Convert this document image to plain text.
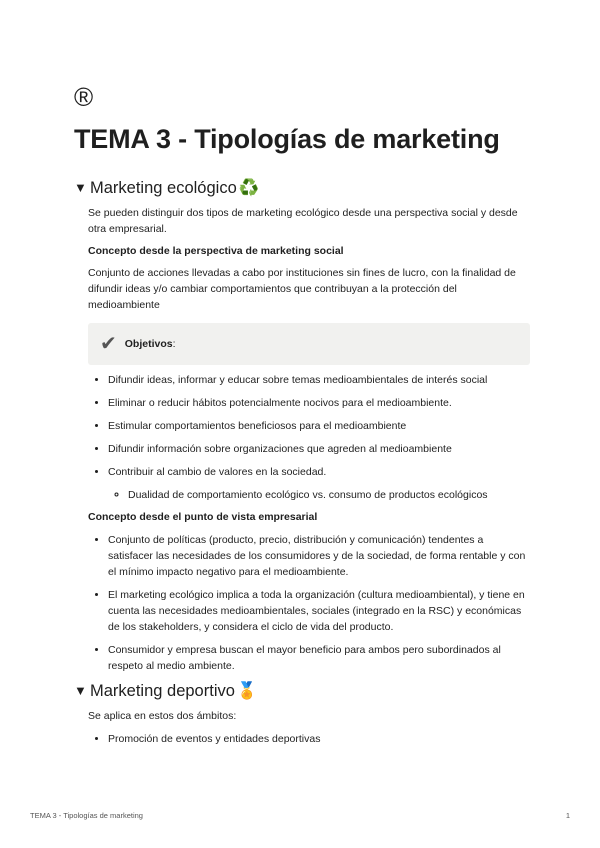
®
TEMA 3 - Tipologías de marketing
▼ Marketing ecológico ♻️

Se pueden distinguir dos tipos de marketing ecológico desde una perspectiva social y desde otra empresarial.

Concepto desde la perspectiva de marketing social

Conjunto de acciones llevadas a cabo por instituciones sin fines de lucro, con la finalidad de difundir ideas y/o cambiar comportamientos que contribuyan a la protección del medioambiente

✔ Objetivos:
• Difundir ideas, informar y educar sobre temas medioambientales de interés social
• Eliminar o reducir hábitos potencialmente nocivos para el medioambiente.
• Estimular comportamientos beneficiosos para el medioambiente
• Difundir información sobre organizaciones que agreden al medioambiente
• Contribuir al cambio de valores en la sociedad.
◦ Dualidad de comportamiento ecológico vs. consumo de productos ecológicos

Concepto desde el punto de vista empresarial

• Conjunto de políticas (producto, precio, distribución y comunicación) tendentes a satisfacer las necesidades de los consumidores y de la sociedad, de forma rentable y con el mínimo impacto negativo para el medioambiente.
• El marketing ecológico implica a toda la organización (cultura medioambiental), y tiene en cuenta las necesidades medioambientales, sociales (integrado en la RSC) y económicas de los stakeholders, y considera el ciclo de vida del producto.
• Consumidor y empresa buscan el mayor beneficio para ambos pero subordinados al respeto al medio ambiente.
▼ Marketing deportivo 🏅

Se aplica en estos dos ámbitos:

• Promoción de eventos y entidades deportivas
TEMA 3 - Tipologías de marketing	1
